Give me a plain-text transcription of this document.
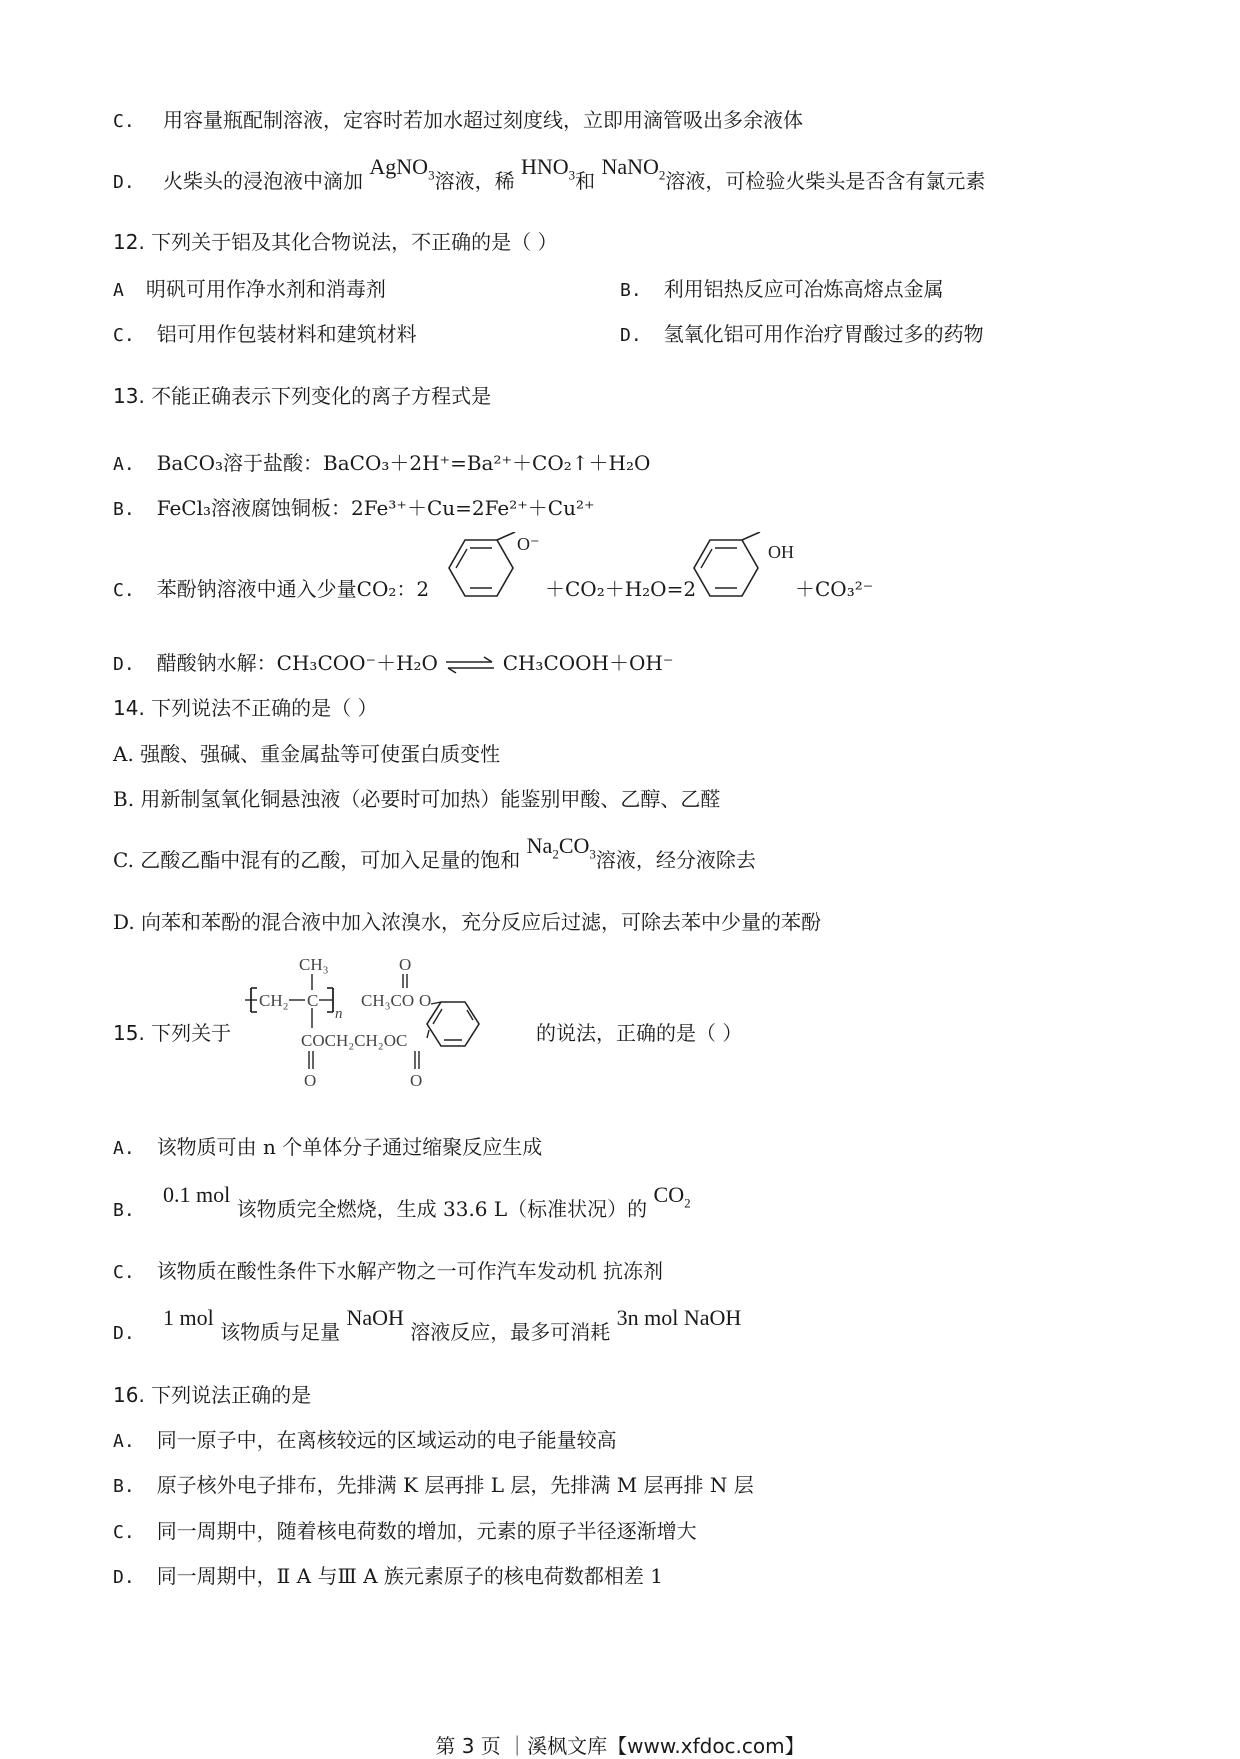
C. 用容量瓶配制溶液，定容时若加水超过刻度线，立即用滴管吸出多余液体
D. 火柴头的浸泡液中滴加 AgNO$_3$溶液，稀 $HNO_3$和 NaNO$_2$溶液，可检验火柴头是否含有氯元素
12. 下列关于铝及其化合物说法，不正确的是（ ）
A 明矾可用作净水剂和消毒剂	B. 利用铝热反应可冶炼高熔点金属
C. 铝可用作包装材料和建筑材料	D. 氢氧化铝可用作治疗胃酸过多的药物
13. 不能正确表示下列变化的离子方程式是
A. BaCO₃溶于盐酸：BaCO₃＋2H⁺=Ba²⁺＋CO₂↑＋H₂O
B. FeCl₃溶液腐蚀铜板：2Fe³⁺＋Cu=2Fe²⁺＋Cu²⁺
C. 苯酚钠溶液中通入少量CO₂：2
O⁻
＋CO₂＋H₂O=2
OH
＋CO₃²⁻
D. 醋酸钠水解：CH₃COO⁻＋H₂O ⇌ CH₃COOH＋OH⁻
14. 下列说法不正确的是（ ）
A. 强酸、强碱、重金属盐等可使蛋白质变性
B. 用新制氢氧化铜悬浊液（必要时可加热）能鉴别甲酸、乙醇、乙醛
C. 乙酸乙酯中混有的乙酸，可加入足量的饱和 $Na_2CO_3$溶液，经分液除去
D. 向苯和苯酚的混合液中加入浓溴水，充分反应后过滤，可除去苯中少量的苯酚
15. 下列关于
CH₂ C
n
CH₃
COCH₂CH₂OC
O	O
O
CH₃CO O
的说法，正确的是（ ）
A. 该物质可由 n 个单体分子通过缩聚反应生成
B. 0.1 mol 该物质完全燃烧，生成 33.6 L（标准状况）的 $CO_2$
C. 该物质在酸性条件下水解产物之一可作汽车发动机 抗冻剂
D. 1 mol 该物质与足量 NaOH 溶液反应，最多可消耗 3n mol NaOH
16. 下列说法正确的是
A. 同一原子中，在离核较远的区域运动的电子能量较高
B. 原子核外电子排布，先排满 K 层再排 L 层，先排满 M 层再排 N 层
C. 同一周期中，随着核电荷数的增加，元素的原子半径逐渐增大
D. 同一周期中，Ⅱ A 与Ⅲ A 族元素原子的核电荷数都相差 1
第 3 页 ｜溪枫文库【www.xfdoc.com】
